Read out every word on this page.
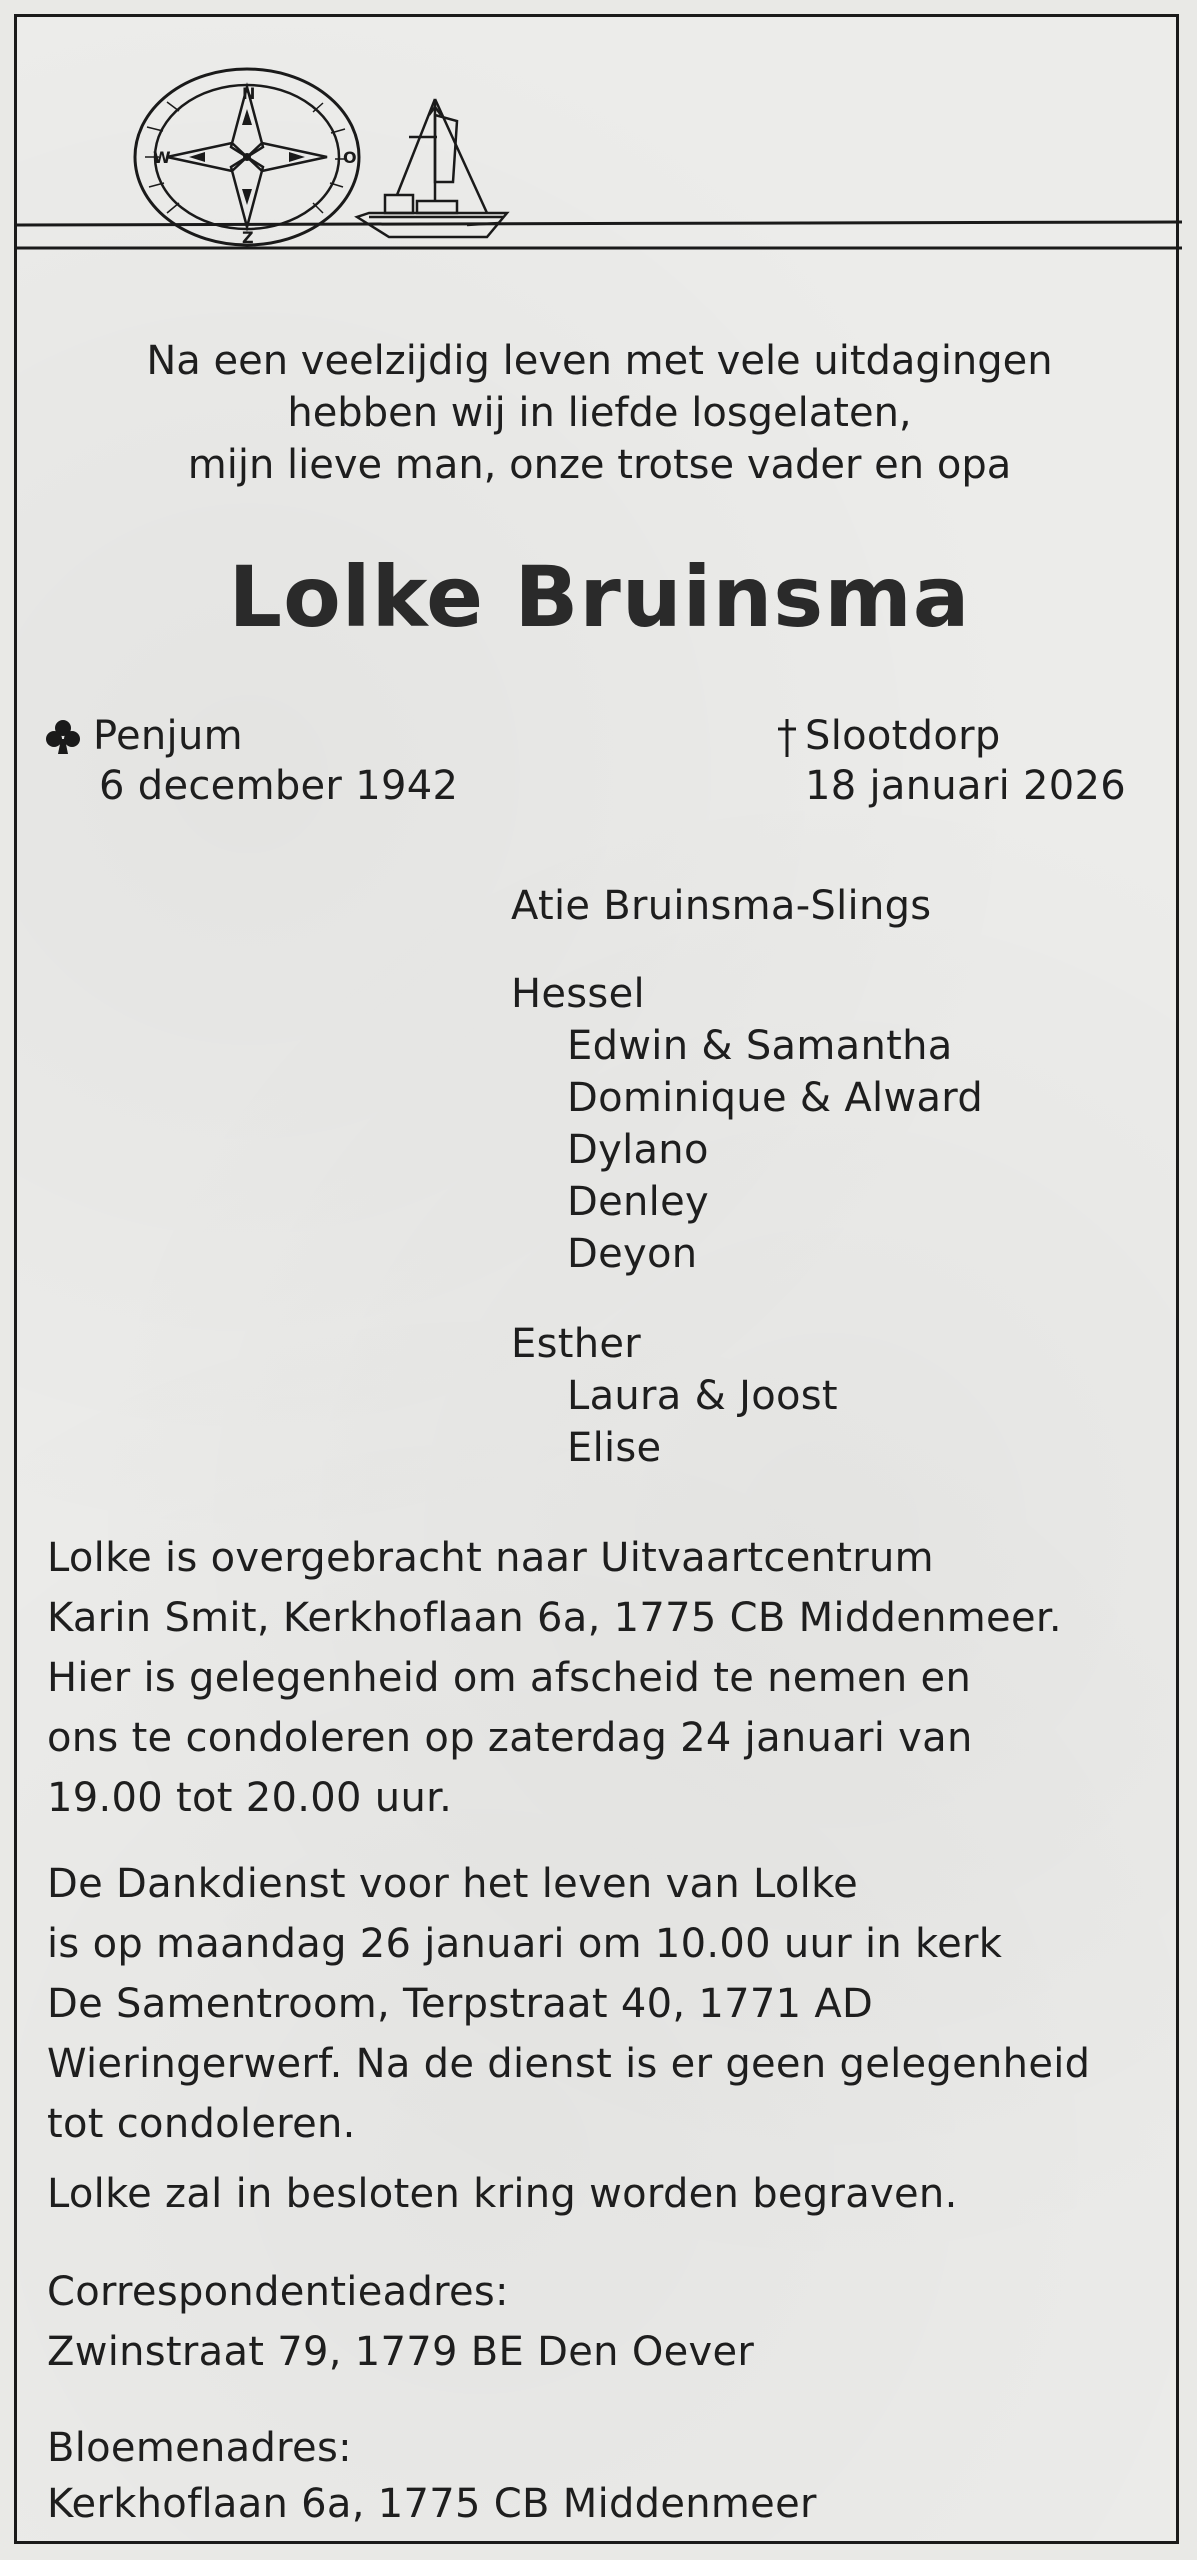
N
O
Z
W
Na een veelzijdig leven met vele uitdagingen
hebben wij in liefde losgelaten,
mijn lieve man, onze trotse vader en opa
Lolke Bruinsma
Penjum
6 december 1942
Slootdorp
18 januari 2026
Atie Bruinsma-Slings
Hessel
Edwin & Samantha
Dominique & Alward
Dylano
Denley
Deyon
Esther
Laura & Joost
Elise
Lolke is overgebracht naar Uitvaartcentrum
Karin Smit, Kerkhoflaan 6a, 1775 CB Middenmeer.
Hier is gelegenheid om afscheid te nemen en
ons te condoleren op zaterdag 24 januari van
19.00 tot 20.00 uur.
De Dankdienst voor het leven van Lolke
is op maandag 26 januari om 10.00 uur in kerk
De Samentroom, Terpstraat 40, 1771 AD
Wieringerwerf. Na de dienst is er geen gelegenheid
tot condoleren.
Lolke zal in besloten kring worden begraven.
Correspondentieadres:
Zwinstraat 79, 1779 BE Den Oever
Bloemenadres:
Kerkhoflaan 6a, 1775 CB Middenmeer
